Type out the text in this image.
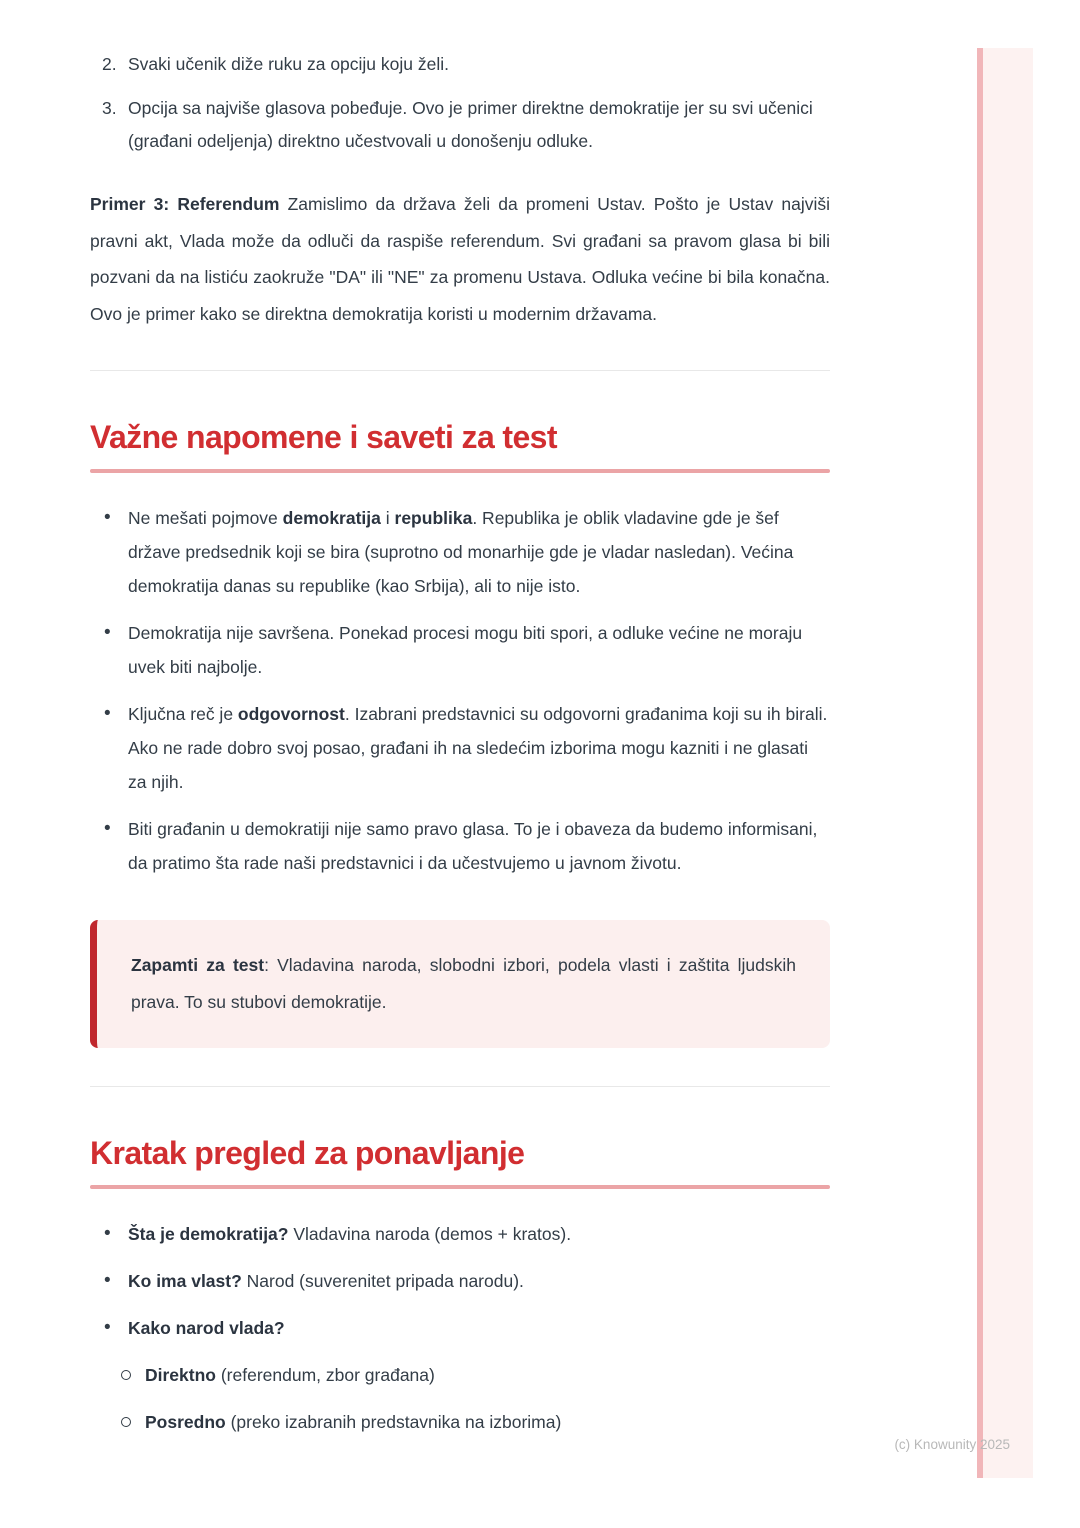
2. Svaki učenik diže ruku za opciju koju želi.
3. Opcija sa najviše glasova pobeđuje. Ovo je primer direktne demokratije jer su svi učenici (građani odeljenja) direktno učestvovali u donošenju odluke.

Primer 3: Referendum Zamislimo da država želi da promeni Ustav. Pošto je Ustav najviši pravni akt, Vlada može da odluči da raspiše referendum. Svi građani sa pravom glasa bi bili pozvani da na listiću zaokruže "DA" ili "NE" za promenu Ustava. Odluka većine bi bila konačna. Ovo je primer kako se direktna demokratija koristi u modernim državama.

Važne napomene i saveti za test
• Ne mešati pojmove demokratija i republika. Republika je oblik vladavine gde je šef države predsednik koji se bira (suprotno od monarhije gde je vladar nasledan). Većina demokratija danas su republike (kao Srbija), ali to nije isto.
• Demokratija nije savršena. Ponekad procesi mogu biti spori, a odluke većine ne moraju uvek biti najbolje.
• Ključna reč je odgovornost. Izabrani predstavnici su odgovorni građanima koji su ih birali. Ako ne rade dobro svoj posao, građani ih na sledećim izborima mogu kazniti i ne glasati za njih.
• Biti građanin u demokratiji nije samo pravo glasa. To je i obaveza da budemo informisani, da pratimo šta rade naši predstavnici i da učestvujemo u javnom životu.

Zapamti za test: Vladavina naroda, slobodni izbori, podela vlasti i zaštita ljudskih prava. To su stubovi demokratije.

Kratak pregled za ponavljanje
• Šta je demokratija? Vladavina naroda (demos + kratos).
• Ko ima vlast? Narod (suverenitet pripada narodu).
• Kako narod vlada?
Direktno (referendum, zbor građana)
Posredno (preko izabranih predstavnika na izborima)
(c) Knowunity 2025
